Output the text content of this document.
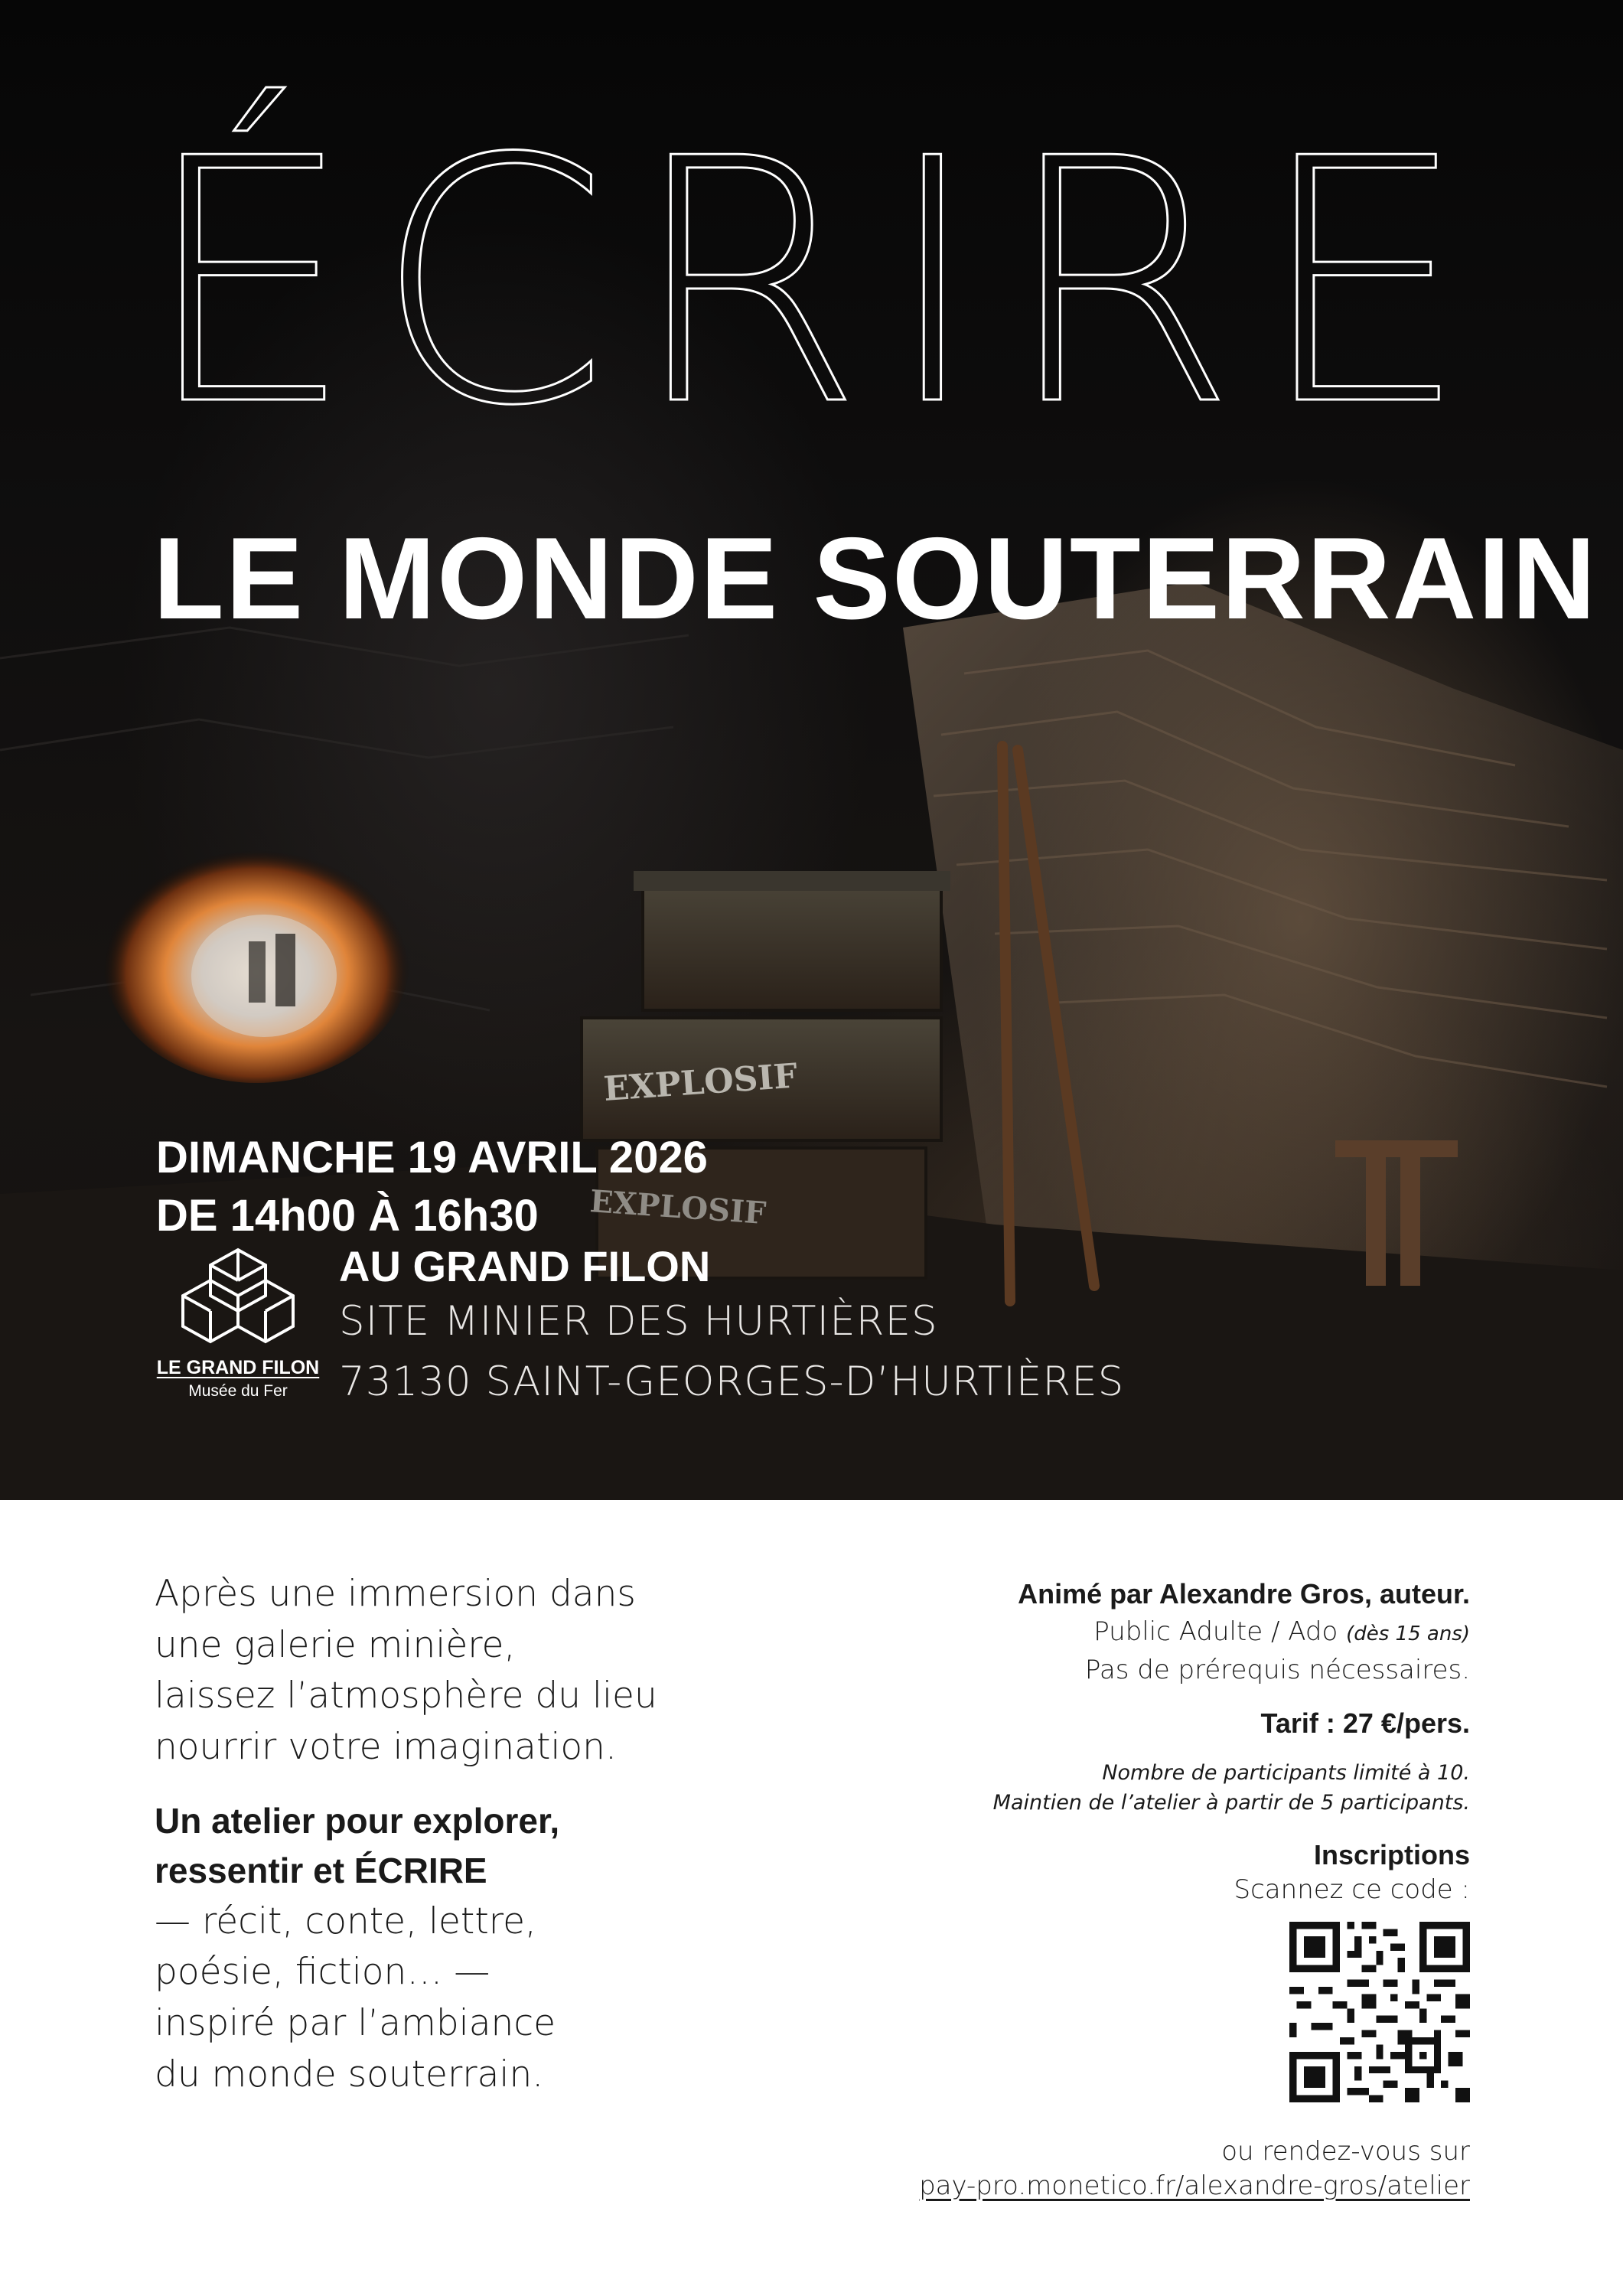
EXPLOSIF
EXPLOSIF
ÉCRIRE
LE MONDE SOUTERRAIN
DIMANCHE 19 AVRIL 2026
DE 14h00 À 16h30
LE GRAND FILON
Musée du Fer
AU GRAND FILON
SITE MINIER DES HURTIÈRES
73130 SAINT-GEORGES-D’HURTIÈRES

Après une immersion dans
une galerie minière,
laissez l’atmosphère du lieu
nourrir votre imagination.

Un atelier pour explorer,
ressentir et ÉCRIRE
— récit, conte, lettre,
poésie, fiction… —
inspiré par l’ambiance
du monde souterrain.
Animé par Alexandre Gros, auteur.
Public Adulte / Ado (dès 15 ans)
Pas de prérequis nécessaires.
Tarif : 27 €/pers.
Nombre de participants limité à 10.
Maintien de l’atelier à partir de 5 participants.
Inscriptions
Scannez ce code :
ou rendez-vous sur
pay-pro.monetico.fr/alexandre-gros/atelier
